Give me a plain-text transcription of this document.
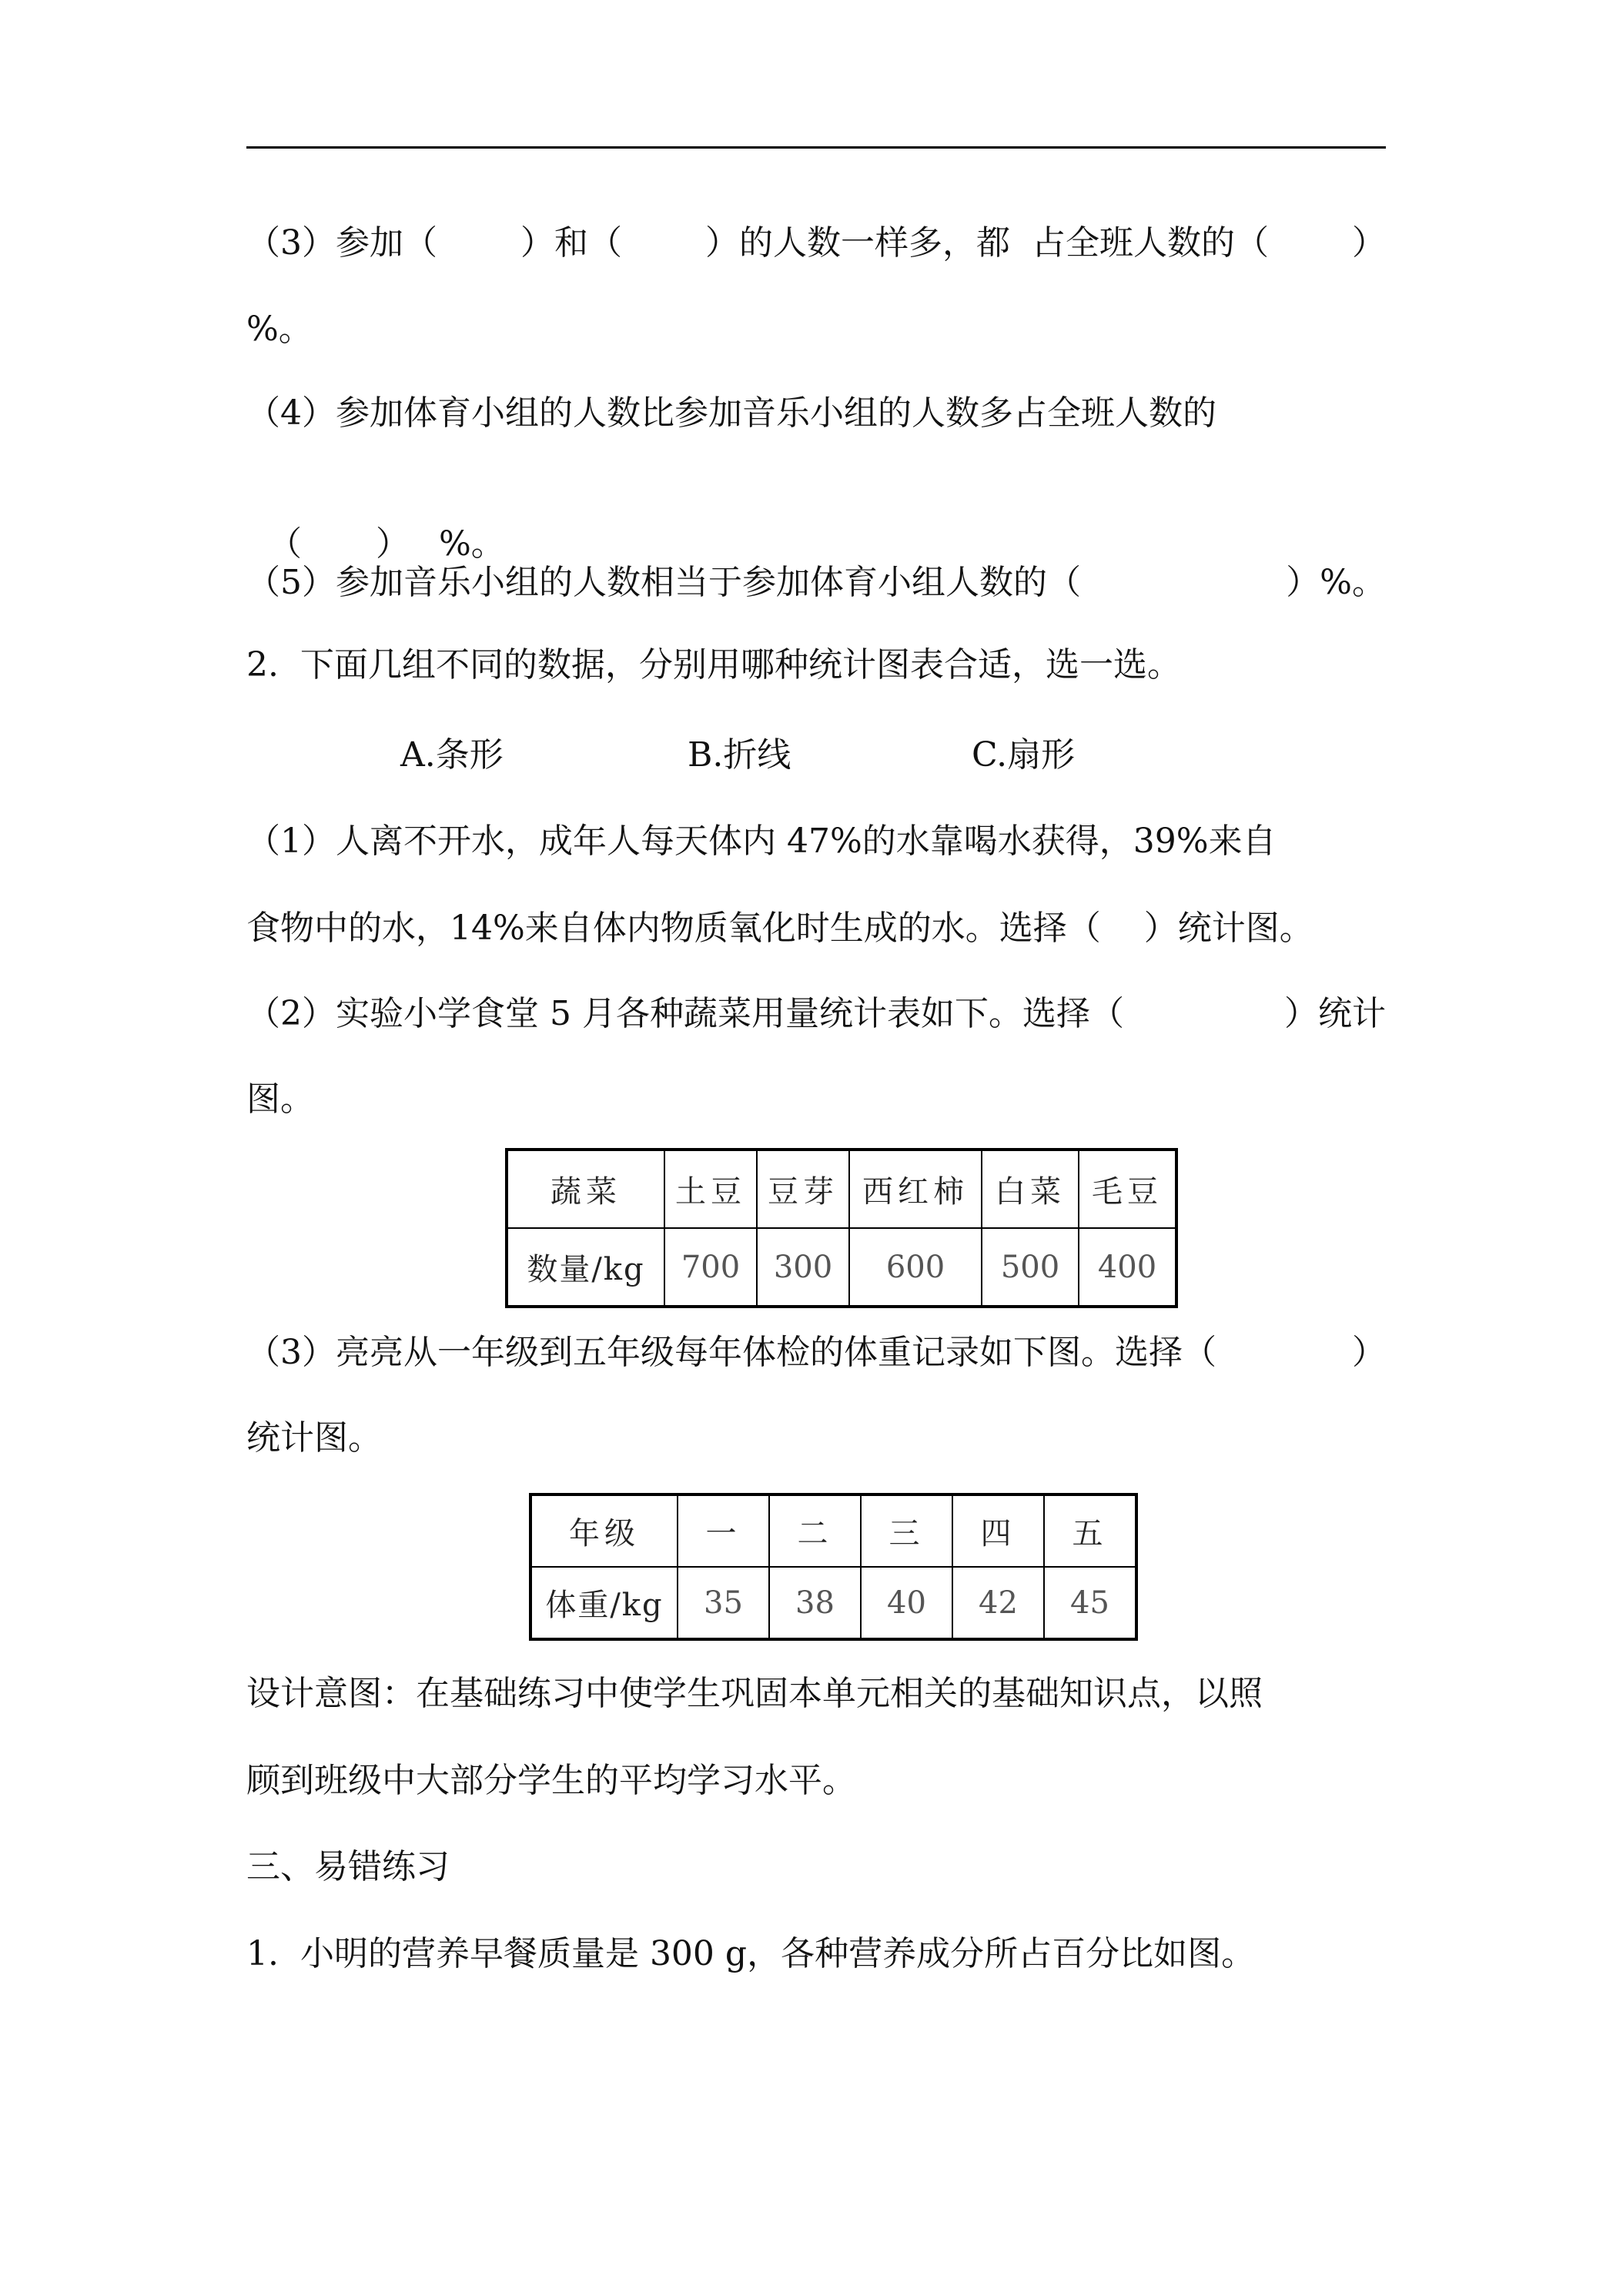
（3）参加（ ）和（ ）的人数一样多，都  占全班人数的（ ）
%。
（4）参加体育小组的人数比参加音乐小组的人数多占全班人数的

（ ） %。

（5）参加音乐小组的人数相当于参加体育小组人数的（	）%。
2.  下面几组不同的数据，分别用哪种统计图表合适，选一选。
A.条形	B.折线	C.扇形
（1）人离不开水，成年人每天体内 47%的水靠喝水获得，39%来自
食物中的水，14%来自体内物质氧化时生成的水。选择（    ）统计图。
（2）实验小学食堂 5 月各种蔬菜用量统计表如下。选择（	）统计
图。
蔬菜	土豆	豆芽	西红柿	白菜	毛豆
数量/kg	700	300	600	500	400
（3）亮亮从一年级到五年级每年体检的体重记录如下图。选择（	）
统计图。
年级	一	二	三	四	五
体重/kg	35	38	40	42	45
设计意图：在基础练习中使学生巩固本单元相关的基础知识点，以照
顾到班级中大部分学生的平均学习水平。
三、易错练习
1.  小明的营养早餐质量是 300 g，各种营养成分所占百分比如图。
